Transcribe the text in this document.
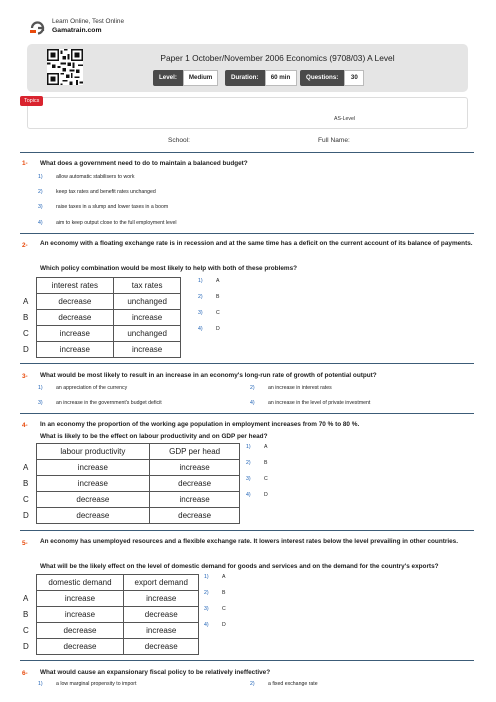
Learn Online, Test Online
Gamatrain.com
Paper 1 October/November 2006 Economics (9708/03) A Level
Level:	Medium	Duration:	60 min	Questions:	30
Topics
AS-Level
School:	Full Name:
1- What does a government need to do to maintain a balanced budget?
1)	allow automatic stabilisers to work
2)	keep tax rates and benefit rates unchanged
3)	raise taxes in a slump and lower taxes in a boom
4)	aim to keep output close to the full employment level
2- An economy with a floating exchange rate is in recession and at the same time has a deficit on the current account of its balance of payments.
Which policy combination would be most likely to help with both of these problems?
	interest rates	tax rates
A	decrease	unchanged
B	decrease	increase
C	increase	unchanged
D	increase	increase
1)	A
2)	B
3)	C
4)	D
3- What would be most likely to result in an increase in an economy's long-run rate of growth of potential output?
1)	an appreciation of the currency	2)	an increase in interest rates
3)	an increase in the government's budget deficit	4)	an increase in the level of private investment
4- In an economy the proportion of the working age population in employment increases from 70 % to 80 %.
What is likely to be the effect on labour productivity and on GDP per head?
	labour productivity	GDP per head
A	increase	increase
B	increase	decrease
C	decrease	increase
D	decrease	decrease
1)	A
2)	B
3)	C
4)	D
5- An economy has unemployed resources and a flexible exchange rate. It lowers interest rates below the level prevailing in other countries.
What will be the likely effect on the level of domestic demand for goods and services and on the demand for the country's exports?
	domestic demand	export demand
A	increase	increase
B	increase	decrease
C	decrease	increase
D	decrease	decrease
1)	A
2)	B
3)	C
4)	D
6- What would cause an expansionary fiscal policy to be relatively ineffective?
1)	a low marginal propensity to import	2)	a fixed exchange rate
